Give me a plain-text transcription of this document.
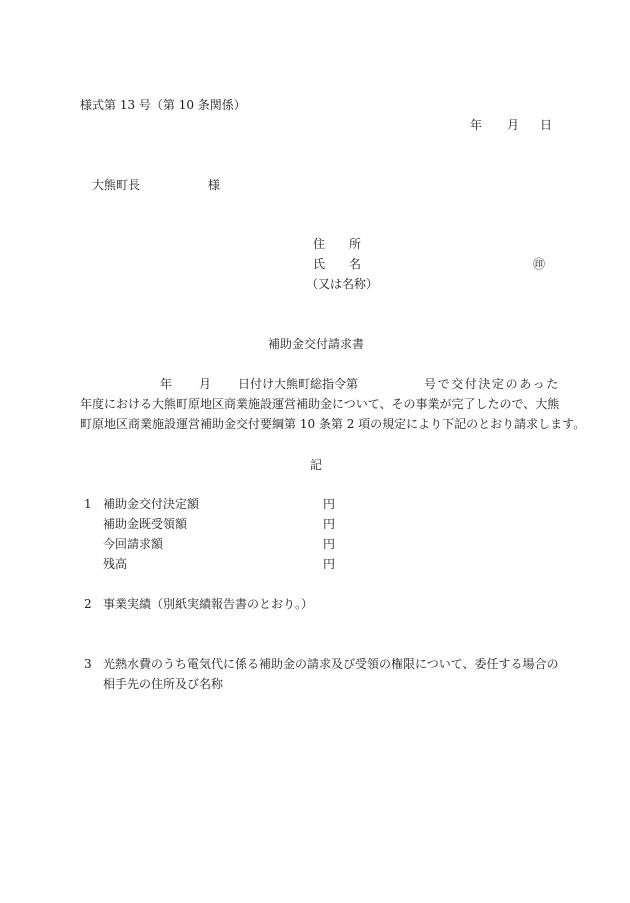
様式第 13 号（第 10 条関係）
年 月 日
大熊町長	様
住　　所
氏　　名	㊞
（又は名称）
補助金交付請求書
年 月 日付け大熊町総指令第	号で交付決定のあった
年度における大熊町原地区商業施設運営補助金について、その事業が完了したので、大熊
町原地区商業施設運営補助金交付要綱第 10 条第 2 項の規定により下記のとおり請求します。
記
1 補助金交付決定額	円
補助金既受領額	円
今回請求額	円
残高	円
2 事業実績（別紙実績報告書のとおり。）
3 光熱水費のうち電気代に係る補助金の請求及び受領の権限について、委任する場合の
相手先の住所及び名称
